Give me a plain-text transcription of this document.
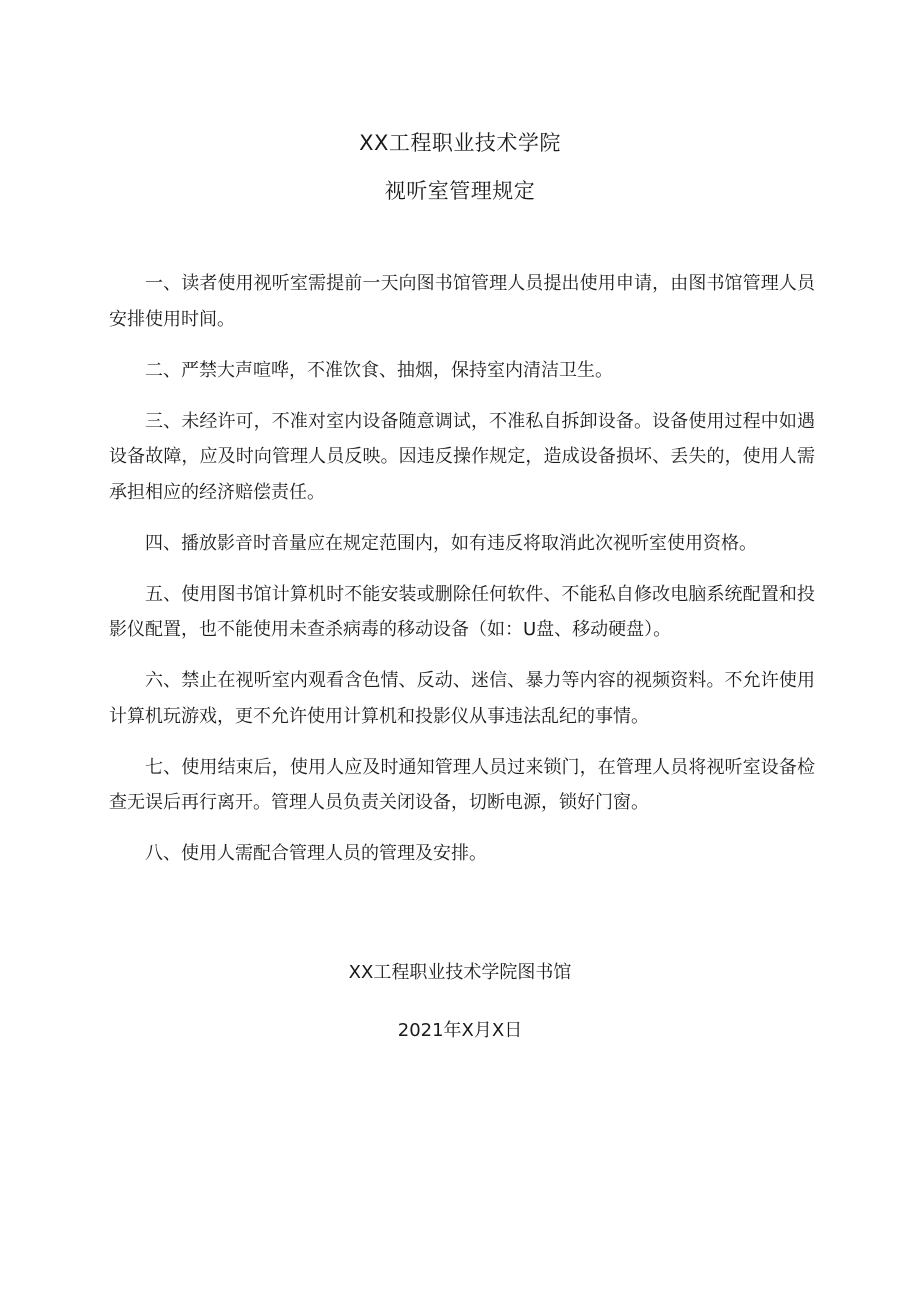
XX工程职业技术学院
视听室管理规定

一、读者使用视听室需提前一天向图书馆管理人员提出使用申请，由图书馆管理人员安排使用时间。

二、严禁大声喧哗，不准饮食、抽烟，保持室内清洁卫生。

三、未经许可，不准对室内设备随意调试，不准私自拆卸设备。设备使用过程中如遇设备故障，应及时向管理人员反映。因违反操作规定，造成设备损坏、丢失的，使用人需承担相应的经济赔偿责任。

四、播放影音时音量应在规定范围内，如有违反将取消此次视听室使用资格。

五、使用图书馆计算机时不能安装或删除任何软件、不能私自修改电脑系统配置和投影仪配置，也不能使用未查杀病毒的移动设备（如：U盘、移动硬盘）。

六、禁止在视听室内观看含色情、反动、迷信、暴力等内容的视频资料。不允许使用计算机玩游戏，更不允许使用计算机和投影仪从事违法乱纪的事情。

七、使用结束后，使用人应及时通知管理人员过来锁门，在管理人员将视听室设备检查无误后再行离开。管理人员负责关闭设备，切断电源，锁好门窗。

八、使用人需配合管理人员的管理及安排。

XX工程职业技术学院图书馆
2021年X月X日
